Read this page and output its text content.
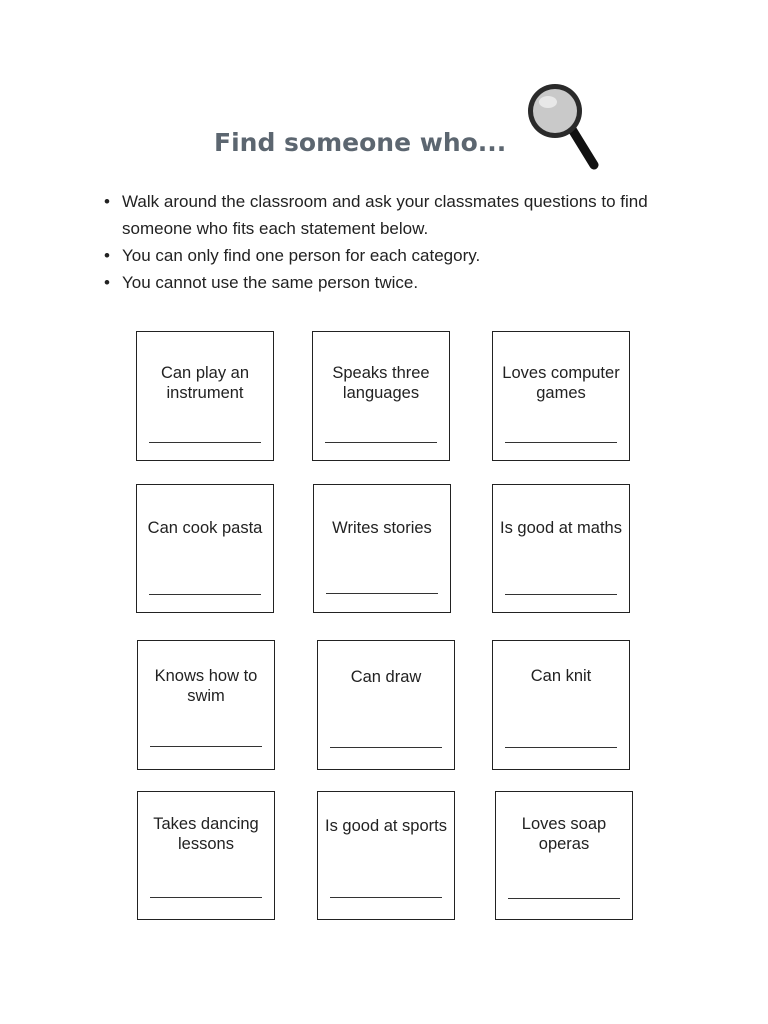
Find someone who...
• Walk around the classroom and ask your classmates questions to find someone who fits each statement below.
• You can only find one person for each category.
• You cannot use the same person twice.
Can play an instrument
Speaks three languages
Loves computer games
Can cook pasta	Writes stories	Is good at maths
Knows how to swim
Can draw	Can knit
Takes dancing lessons
Is good at sports	Loves soap operas
